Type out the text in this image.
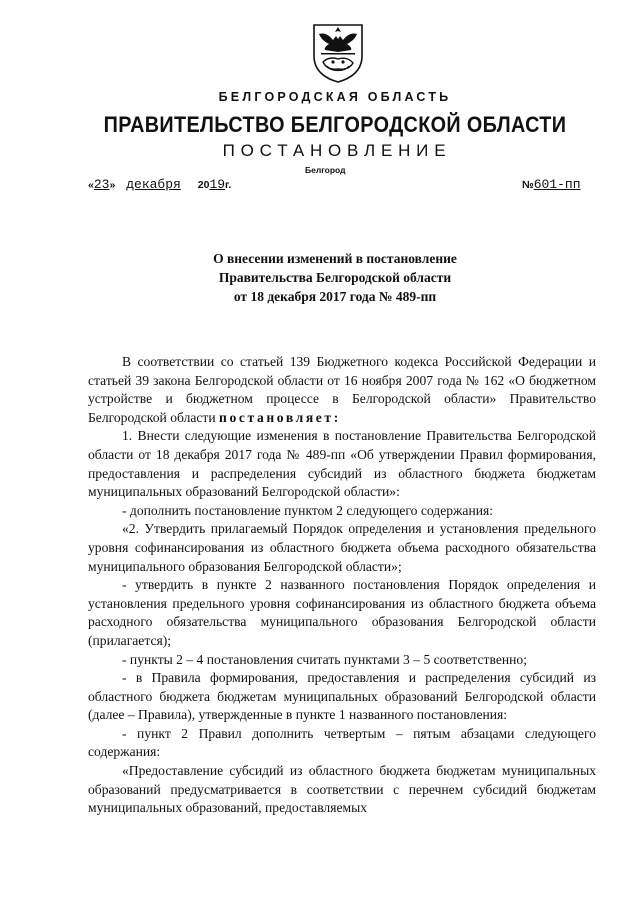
БЕЛГОРОДСКАЯ ОБЛАСТЬ
ПРАВИТЕЛЬСТВО БЕЛГОРОДСКОЙ ОБЛАСТИ
ПОСТАНОВЛЕНИЕ
Белгород
«23» декабря 2019г.	№601-пп
О внесении изменений в постановление
Правительства Белгородской области
от 18 декабря 2017 года № 489-пп

В соответствии со статьей 139 Бюджетного кодекса Российской Федерации и статьей 39 закона Белгородской области от 16 ноября 2007 года № 162 «О бюджетном устройстве и бюджетном процессе в Белгородской области» Правительство Белгородской области постановляет:

1. Внести следующие изменения в постановление Правительства Белгородской области от 18 декабря 2017 года № 489-пп «Об утверждении Правил формирования, предоставления и распределения субсидий из областного бюджета бюджетам муниципальных образований Белгородской области»:

- дополнить постановление пунктом 2 следующего содержания:

«2. Утвердить прилагаемый Порядок определения и установления предельного уровня софинансирования из областного бюджета объема расходного обязательства муниципального образования Белгородской области»;

- утвердить в пункте 2 названного постановления Порядок определения и установления предельного уровня софинансирования из областного бюджета объема расходного обязательства муниципального образования Белгородской области (прилагается);

- пункты 2 – 4 постановления считать пунктами 3 – 5 соответственно;

- в Правила формирования, предоставления и распределения субсидий из областного бюджета бюджетам муниципальных образований Белгородской области (далее – Правила), утвержденные в пункте 1 названного постановления:

- пункт 2 Правил дополнить четвертым – пятым абзацами следующего содержания:

«Предоставление субсидий из областного бюджета бюджетам муниципальных образований предусматривается в соответствии с перечнем субсидий бюджетам муниципальных образований, предоставляемых
